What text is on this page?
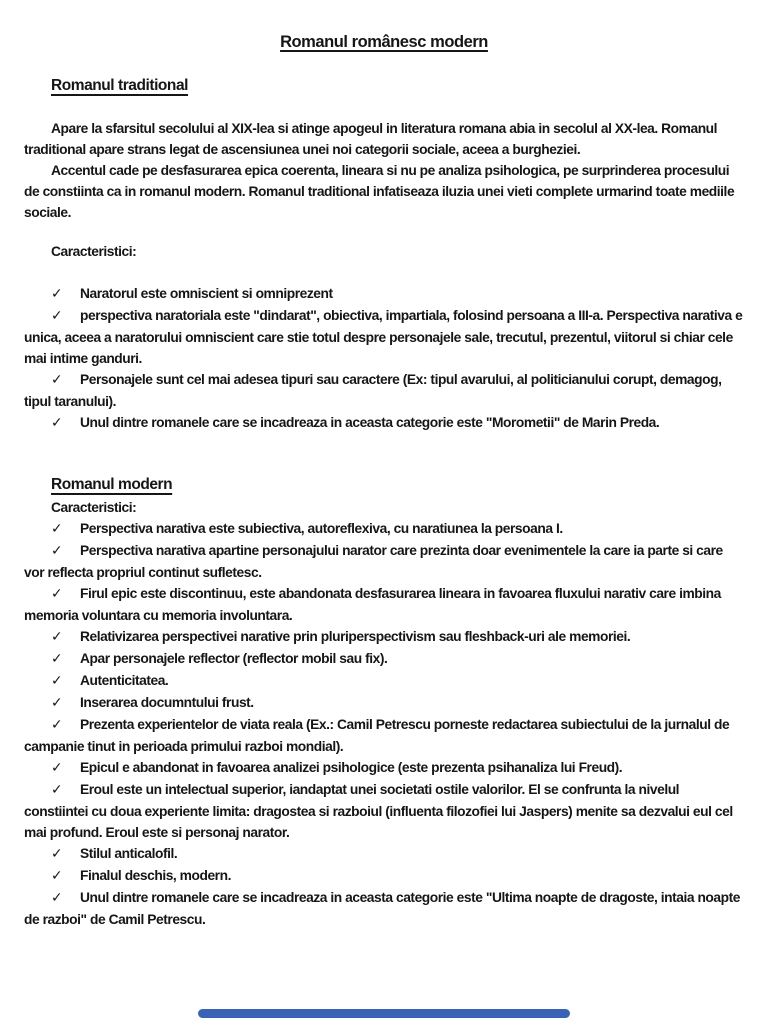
Romanul românesc modern
Romanul traditional

Apare la sfarsitul secolului al XIX-lea si atinge apogeul in literatura romana abia in secolul al XX-lea. Romanul traditional apare strans legat de ascensiunea unei noi categorii sociale, aceea a burgheziei.

Accentul cade pe desfasurarea epica coerenta, lineara si nu pe analiza psihologica, pe surprinderea procesului de constiinta ca in romanul modern. Romanul traditional infatiseaza iluzia unei vieti complete urmarind toate mediile sociale.

Caracteristici:

✓ Naratorul este omniscient si omniprezent

✓ perspectiva naratoriala este "dindarat", obiectiva, impartiala, folosind persoana a III-a. Perspectiva narativa e unica, aceea a naratorului omniscient care stie totul despre personajele sale, trecutul, prezentul, viitorul si chiar cele mai intime ganduri.

✓ Personajele sunt cel mai adesea tipuri sau caractere (Ex: tipul avarului, al politicianului corupt, demagog, tipul taranului).

✓ Unul dintre romanele care se incadreaza in aceasta categorie este "Morometii" de Marin Preda.

Romanul modern

Caracteristici:

✓ Perspectiva narativa este subiectiva, autoreflexiva, cu naratiunea la persoana I.

✓ Perspectiva narativa apartine personajului narator care prezinta doar evenimentele la care ia parte si care vor reflecta propriul continut sufletesc.

✓ Firul epic este discontinuu, este abandonata desfasurarea lineara in favoarea fluxului narativ care imbina memoria voluntara cu memoria involuntara.

✓ Relativizarea perspectivei narative prin pluriperspectivism sau fleshback-uri ale memoriei.

✓ Apar personajele reflector (reflector mobil sau fix).

✓ Autenticitatea.

✓ Inserarea documntului frust.

✓ Prezenta experientelor de viata reala (Ex.: Camil Petrescu porneste redactarea subiectului de la jurnalul de campanie tinut in perioada primului razboi mondial).

✓ Epicul e abandonat in favoarea analizei psihologice (este prezenta psihanaliza lui Freud).

✓ Eroul este un intelectual superior, iandaptat unei societati ostile valorilor. El se confrunta la nivelul constiintei cu doua experiente limita: dragostea si razboiul (influenta filozofiei lui Jaspers) menite sa dezvalui eul cel mai profund. Eroul este si personaj narator.

✓ Stilul anticalofil.

✓ Finalul deschis, modern.

✓ Unul dintre romanele care se incadreaza in aceasta categorie este "Ultima noapte de dragoste, intaia noapte de razboi" de Camil Petrescu.
